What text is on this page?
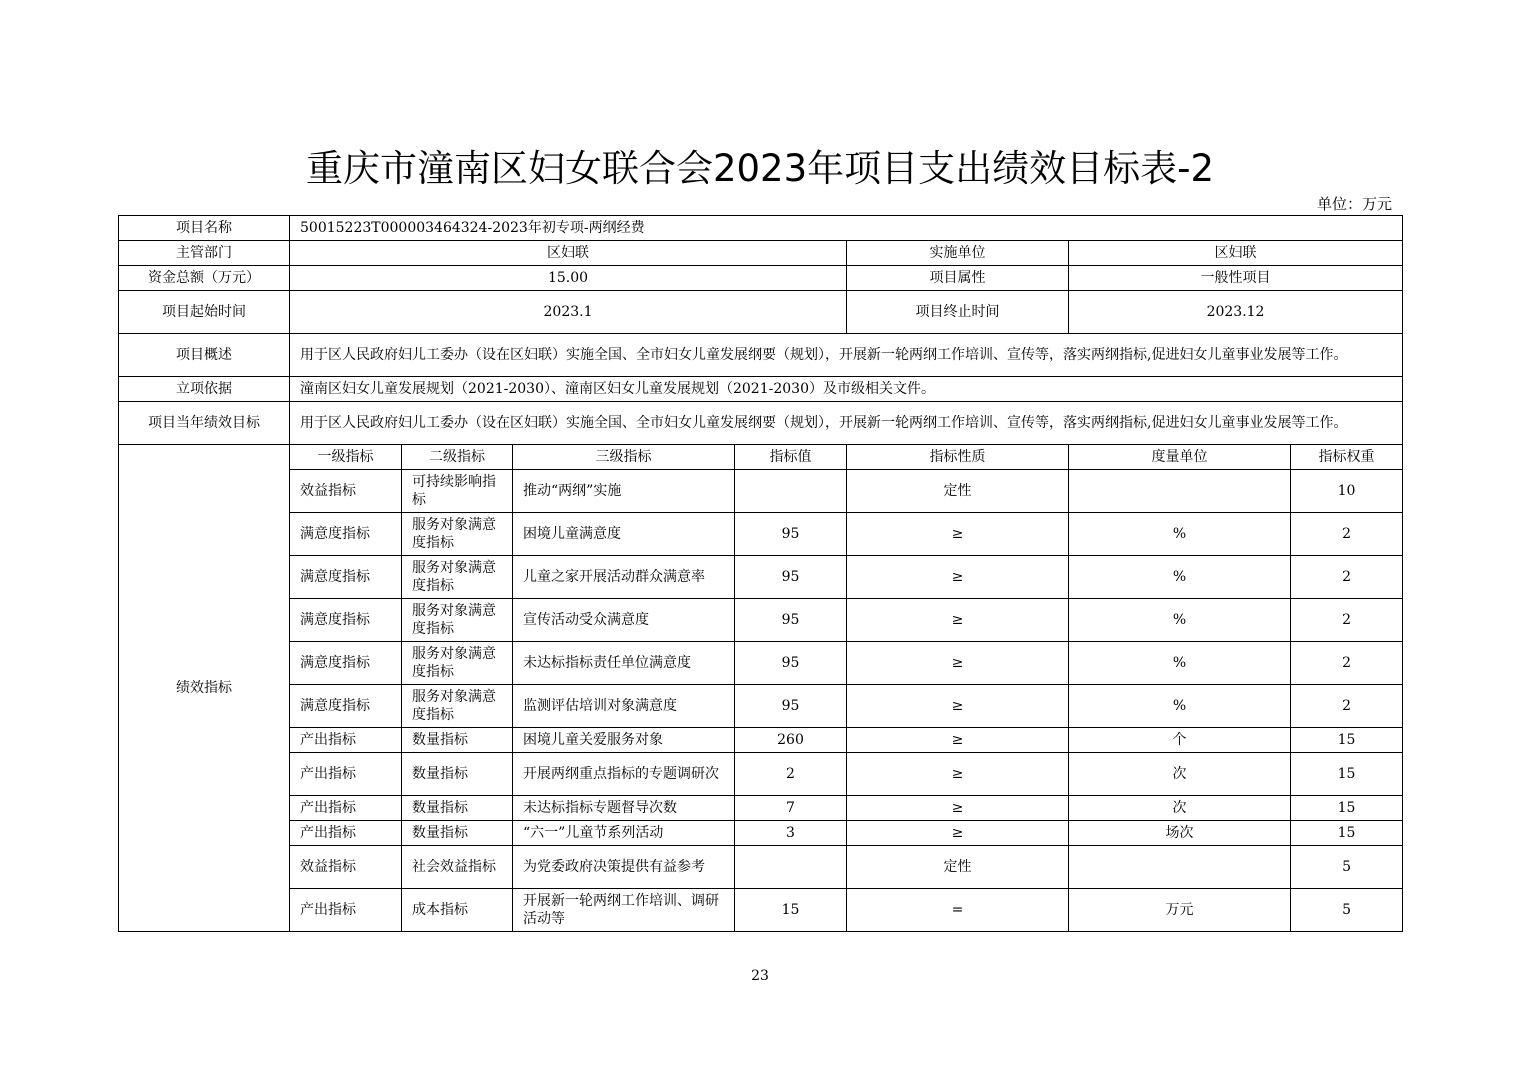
重庆市潼南区妇女联合会2023年项目支出绩效目标表-2
单位：万元
项目名称	50015223T000003464324-2023年初专项-两纲经费						
主管部门	区妇联				实施单位	区妇联	
资金总额（万元）	15.00				项目属性	一般性项目	
项目起始时间	2023.1				项目终止时间	2023.12	
项目概述	用于区人民政府妇儿工委办（设在区妇联）实施全国、全市妇女儿童发展纲要（规划），开展新一轮两纲工作培训、宣传等，落实两纲指标,促进妇女儿童事业发展等工作。						
立项依据	潼南区妇女儿童发展规划（2021-2030）、潼南区妇女儿童发展规划（2021-2030）及市级相关文件。						
项目当年绩效目标	用于区人民政府妇儿工委办（设在区妇联）实施全国、全市妇女儿童发展纲要（规划），开展新一轮两纲工作培训、宣传等，落实两纲指标,促进妇女儿童事业发展等工作。						
绩效指标	一级指标	二级指标	三级指标	指标值	指标性质	度量单位	指标权重
	效益指标	可持续影响指标	推动“两纲”实施		定性		10
	满意度指标	服务对象满意度指标	困境儿童满意度	95	≥	%	2
	满意度指标	服务对象满意度指标	儿童之家开展活动群众满意率	95	≥	%	2
	满意度指标	服务对象满意度指标	宣传活动受众满意度	95	≥	%	2
	满意度指标	服务对象满意度指标	未达标指标责任单位满意度	95	≥	%	2
	满意度指标	服务对象满意度指标	监测评估培训对象满意度	95	≥	%	2
	产出指标	数量指标	困境儿童关爱服务对象	260	≥	个	15
	产出指标	数量指标	开展两纲重点指标的专题调研次	2	≥	次	15
	产出指标	数量指标	未达标指标专题督导次数	7	≥	次	15
	产出指标	数量指标	“六一”儿童节系列活动	3	≥	场次	15
	效益指标	社会效益指标	为党委政府决策提供有益参考		定性		5
	产出指标	成本指标	开展新一轮两纲工作培训、调研活动等	15	=	万元	5
23
